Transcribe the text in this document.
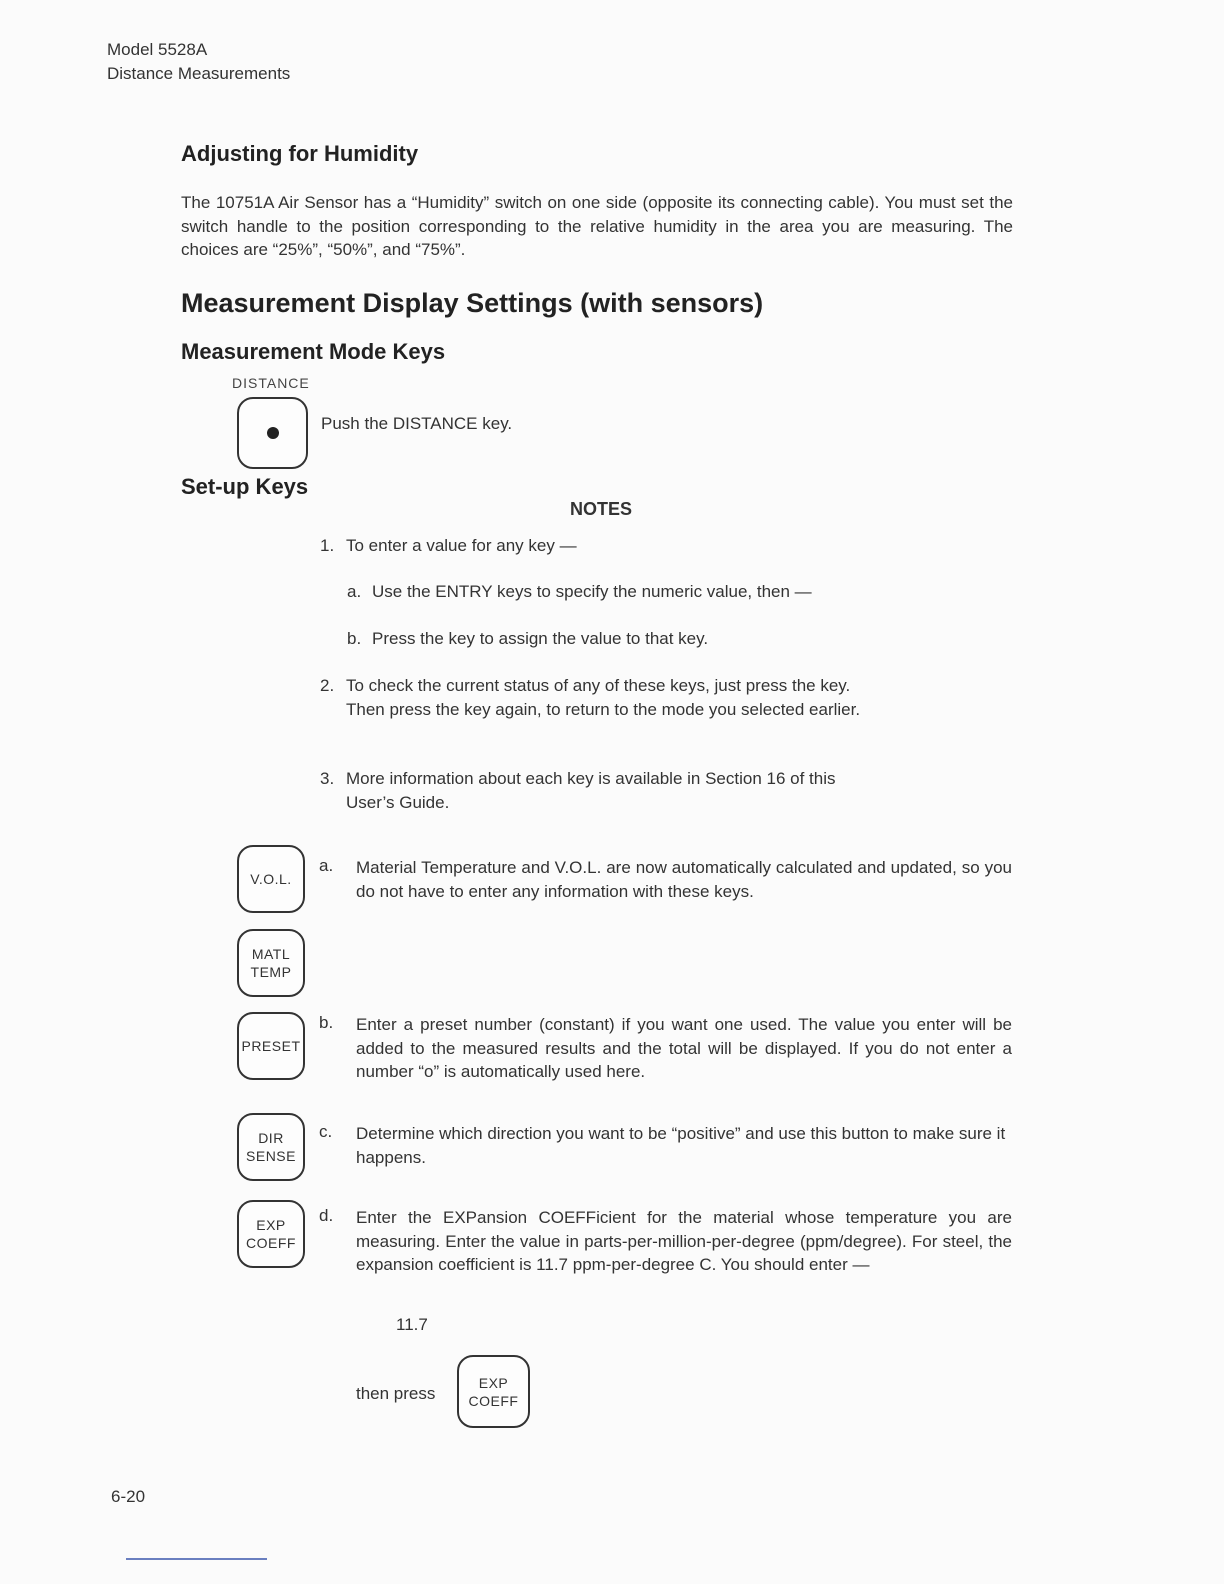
Model 5528A
Distance Measurements
Adjusting for Humidity
The 10751A Air Sensor has a “Humidity” switch on one side (opposite its connecting cable). You must set the switch handle to the position corresponding to the relative humidity in the area you are measuring. The choices are “25%”, “50%”, and “75%”.
Measurement Display Settings (with sensors)
Measurement Mode Keys
DISTANCE
Push the DISTANCE key.
Set-up Keys
NOTES
1. To enter a value for any key —
a. Use the ENTRY keys to specify the numeric value, then —
b. Press the key to assign the value to that key.
2. To check the current status of any of these keys, just press the key. Then press the key again, to return to the mode you selected earlier.
3. More information about each key is available in Section 16 of this User’s Guide.
V.O.L.
MATL
TEMP
PRESET
DIR
SENSE
EXP
COEFF
a. Material Temperature and V.O.L. are now automatically calculated and updated, so you do not have to enter any information with these keys.
b. Enter a preset number (constant) if you want one used. The value you enter will be added to the measured results and the total will be displayed. If you do not enter a number “o” is automatically used here.
c. Determine which direction you want to be “positive” and use this button to make sure it happens.
d. Enter the EXPansion COEFFicient for the material whose temperature you are measuring. Enter the value in parts-per-million-per-degree (ppm/degree). For steel, the expansion coefficient is 11.7 ppm-per-degree C. You should enter —
11.7
then press
EXP
COEFF
6-20
